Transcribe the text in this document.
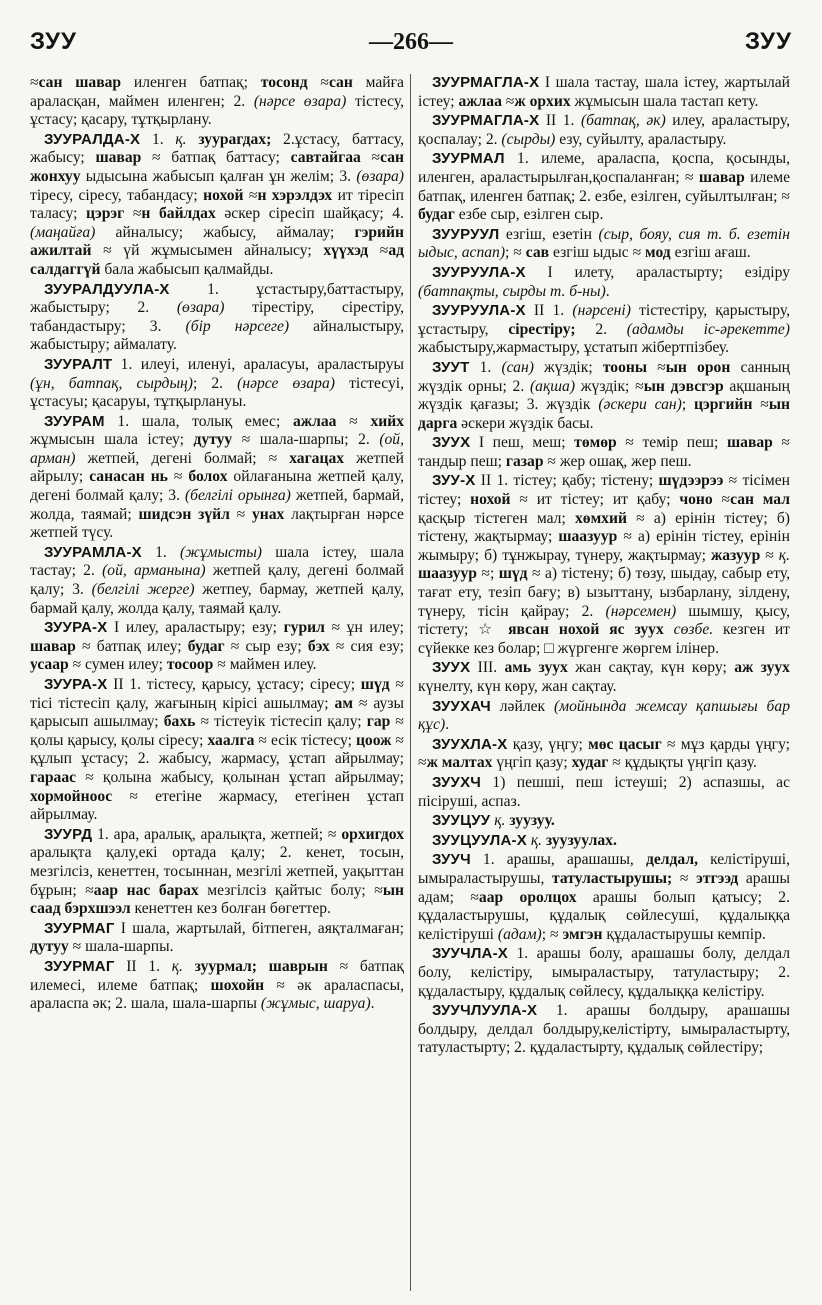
ЗУУ	—266—	ЗУУ

≈сан шавар иленген батпақ; тосонд ≈сан майға араласқан, маймен иленген; 2. (нәрсе өзара) тістесу, ұстасу; қасару, тұтқырлану.

ЗУУРАЛДА-Х 1. қ. зуурагдах; 2.ұстасу, баттасу, жабысу; шавар ≈ батпақ баттасу; савтайгаа ≈сан жонхуу ыдысына жабысып қалған ұн желім; 3. (өзара) тіресу, сіресу, табандасу; нохой ≈н хэрэлдэх ит тіресіп таласу; цэрэг ≈н байлдах әскер сіресіп шайқасу; 4. (маңайға) айналысу; жабысу, аймалау; гэрийн ажилтай ≈ үй жұмысымен айналысу; хүүхэд ≈ад салдаггүй бала жабысып қалмайды.

ЗУУРАЛДУУЛА-Х 1. ұстастыру,баттастыру, жабыстыру; 2. (өзара) тірестіру, сірестіру, табандастыру; 3. (бір нәрсеге) айналыстыру, жабыстыру; аймалату.

ЗУУРАЛТ 1. илеуі, иленуі, араласуы, араластыруы (ұн, батпақ, сырдың); 2. (нәрсе өзара) тістесуі, ұстасуы; қасаруы, тұтқырлануы.

ЗУУРАМ 1. шала, толық емес; ажлаа ≈ хийх жұмысын шала істеу; дутуу ≈ шала-шарпы; 2. (ой, арман) жетпей, дегені болмай; ≈ хагацах жетпей айрылу; санасан нь ≈ болох ойлағанына жетпей қалу, дегені болмай қалу; 3. (белгілі орынға) жетпей, бармай, жолда, таямай; шидсэн зүйл ≈ унах лақтырған нәрсе жетпей түсу.

ЗУУРАМЛА-Х 1. (жұмысты) шала істеу, шала тастау; 2. (ой, арманына) жетпей қалу, дегені болмай қалу; 3. (белгілі жерге) жетпеу, бармау, жетпей қалу, бармай қалу, жолда қалу, таямай қалу.

ЗУУРА-Х I илеу, араластыру; езу; гурил ≈ ұн илеу; шавар ≈ батпақ илеу; будаг ≈ сыр езу; бэх ≈ сия езу; усаар ≈ сумен илеу; тосоор ≈ маймен илеу.

ЗУУРА-Х II 1. тістесу, қарысу, ұстасу; сіресу; шүд ≈ тісі тістесіп қалу, жағының кірісі ашылмау; ам ≈ аузы қарысып ашылмау; бахь ≈ тістеуік тістесіп қалу; гар ≈ қолы қарысу, қолы сіресу; хаалга ≈ есік тістесу; цоож ≈ құлып ұстасу; 2. жабысу, жармасу, ұстап айрылмау; гараас ≈ қолына жабысу, қолынан ұстап айрылмау; хормойноос ≈ етегіне жармасу, етегінен ұстап айрылмау.

ЗУУРД 1. ара, аралық, аралықта, жетпей; ≈ орхигдох аралықта қалу,екі ортада қалу; 2. кенет, тосын, мезгілсіз, кенеттен, тосыннан, мезгілі жетпей, уақыттан бұрын; ≈аар нас барах мезгілсіз қайтыс болу; ≈ын саад бэрхшээл кенеттен кез болған бөгеттер.

ЗУУРМАГ I шала, жартылай, бітпеген, аяқталмаған; дутуу ≈ шала-шарпы.

ЗУУРМАГ II 1. қ. зуурмал; шаврын ≈ батпақ илемесі, илеме батпақ; шохойн ≈ әк араласпасы, араласпа әк; 2. шала, шала-шарпы (жұмыс, шаруа).

ЗУУРМАГЛА-Х I шала тастау, шала істеу, жартылай істеу; ажлаа ≈ж орхих жұмысын шала тастап кету.

ЗУУРМАГЛА-Х II 1. (батпақ, әк) илеу, араластыру, қоспалау; 2. (сырды) езу, суйылту, араластыру.

ЗУУРМАЛ 1. илеме, араласпа, қоспа, қосынды, иленген, араластырылған,қоспаланған; ≈ шавар илеме батпақ, иленген батпақ; 2. езбе, езілген, суйылтылған; ≈ будаг езбе сыр, езілген сыр.

ЗУУРУУЛ езгіш, езетін (сыр, бояу, сия т. б. езетін ыдыс, аспап); ≈ сав езгіш ыдыс ≈ мод езгіш ағаш.

ЗУУРУУЛА-Х I илету, араластырту; езідіру (батпақты, сырды т. б-ны).

ЗУУРУУЛА-Х II 1. (нәрсені) тістестіру, қарыстыру, ұстастыру, сірестіру; 2. (адамды іс-әрекетте) жабыстыру,жармастыру, ұстатып жібертпізбеу.

ЗУУТ 1. (сан) жүздік; тооны ≈ын орон санның жүздік орны; 2. (ақша) жүздік; ≈ын дэвсгэр ақшаның жүздік қағазы; 3. жүздік (әскери сан); цэргийн ≈ын дарга әскери жүздік басы.

ЗУУХ I пеш, меш; төмөр ≈ темір пеш; шавар ≈ тандыр пеш; газар ≈ жер ошақ, жер пеш.

ЗУУ-Х II 1. тістеу; қабу; тістену; шүдээрээ ≈ тісімен тістеу; нохой ≈ ит тістеу; ит қабу; чоно ≈сан мал қасқыр тістеген мал; хөмхий ≈ а) ерінін тістеу; б) тістену, жақтырмау; шаазуур ≈ а) ерінін тістеу, ерінін жымыру; б) тұнжырау, түнеру, жақтырмау; жазуур ≈ қ. шаазуур ≈; шүд ≈ а) тістену; б) төзу, шыдау, сабыр ету, тағат ету, тезіп бағу; в) ызыттану, ызбарлану, зілдену, түнеру, тісін қайрау; 2. (нәрсемен) шымшу, қысу, тістету; ☆ явсан нохой яс зуух сөзбе. кезген ит сүйекке кез болар; □ жүргенге жөргем ілінер.

ЗУУХ III. амь зуух жан сақтау, күн көру; аж зуух күнелту, күн көру, жан сақтау.

ЗУУХАЧ ләйлек (мойнында жемсау қапшығы бар құс).

ЗУУХЛА-Х қазу, үңгу; мөс цасыг ≈ мұз қарды үңгу; ≈ж малтах үңгіп қазу; худаг ≈ құдықты үңгіп қазу.

ЗУУХЧ 1) пешші, пеш істеуші; 2) аспазшы, ас пісіруші, аспаз.

ЗУУЦУУ қ. зуузуу.

ЗУУЦУУЛА-Х қ. зуузуулах.

ЗУУЧ 1. арашы, арашашы, делдал, келістіруші, ымыраластырушы, татуластырушы; ≈ этгээд арашы адам; ≈аар оролцох арашы болып қатысу; 2. құдаластырушы, құдалық сөйлесуші, құдалыққа келістіруші (адам); ≈ эмгэн құдаластырушы кемпір.

ЗУУЧЛА-Х 1. арашы болу, арашашы болу, делдал болу, келістіру, ымыраластыру, татуластыру; 2. құдаластыру, құдалық сөйлесу, құдалыққа келістіру.

ЗУУЧЛУУЛА-Х 1. арашы болдыру, арашашы болдыру, делдал болдыру,келістірту, ымыраластырту, татуластырту; 2. құдаластырту, құдалық сөйлестіру;
